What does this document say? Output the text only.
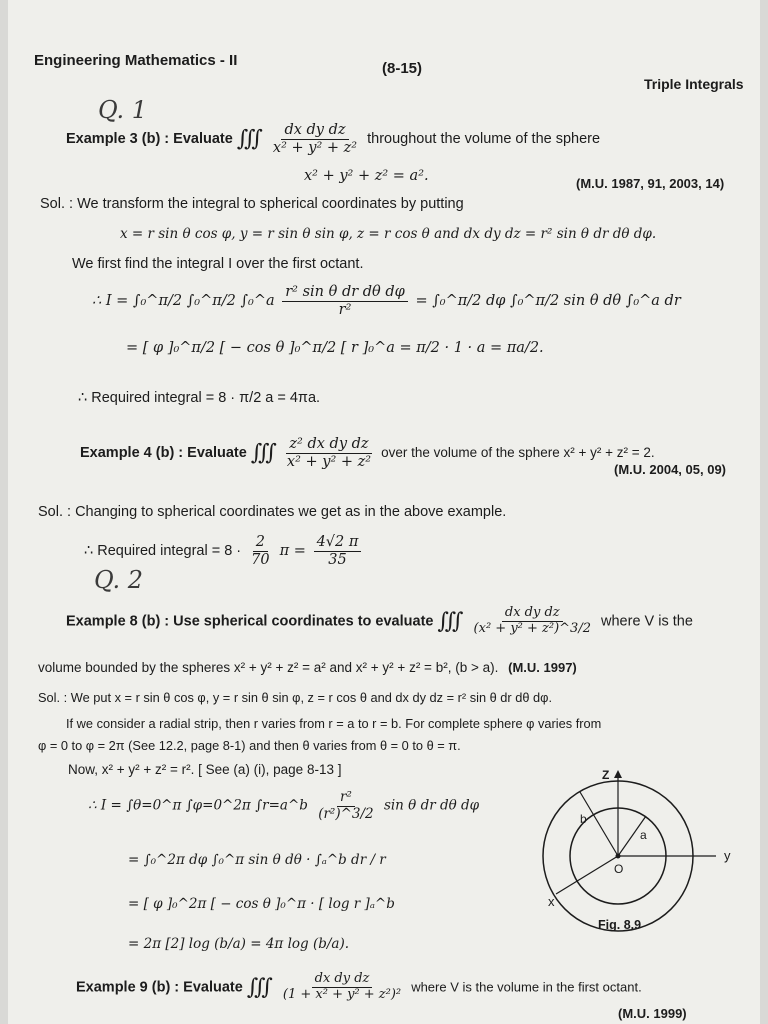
Engineering Mathematics - II	(8-15)
Triple Integrals
Q. 1
Q. 2
Example 3 (b) : Evaluate ∭ $\frac{\text{dx dy dz}}{\text{x² + y² + z²}}$ throughout the volume of the sphere
x² + y² + z² = a².	(M.U. 1987, 91, 2003, 14)
Sol. : We transform the integral to spherical coordinates by putting
x = r sin θ cos φ, y = r sin θ sin φ, z = r cos θ and dx dy dz = r² sin θ dr dθ dφ.
We first find the integral I over the first octant.
∴ I = ∫₀^π/2 ∫₀^π/2 ∫₀^a $\frac{\text{r² sin θ dr dθ dφ}}{\text{r²}}$ = ∫₀^π/2 dφ ∫₀^π/2 sin θ dθ ∫₀^a dr
= [ φ ]₀^π/2 [ − cos θ ]₀^π/2 [ r ]₀^a = π/2 · 1 · a = πa/2.
∴ Required integral = 8 · π/2 a = 4πa.
Example 4 (b) : Evaluate ∭ $\frac{\text{z² dx dy dz}}{\text{x² + y² + z²}}$ over the volume of the sphere x² + y² + z² = 2.
(M.U. 2004, 05, 09)
Sol. : Changing to spherical coordinates we get as in the above example.
∴ Required integral = $8 \cdot \frac{2}{70}$ $\pi = \frac{4√2 \pi}{35}$
Example 8 (b) : Use spherical coordinates to evaluate ∭ $\frac{\text{dx dy dz}}{\text{(x² + y² + z²)\textasciicircum{}3/2}}$ where V is the
volume bounded by the spheres x² + y² + z² = a² and x² + y² + z² = b², (b > a). (M.U. 1997)
Sol. : We put x = r sin θ cos φ, y = r sin θ sin φ, z = r cos θ and dx dy dz = r² sin θ dr dθ dφ.
If we consider a radial strip, then r varies from r = a to r = b. For complete sphere φ varies from
φ = 0 to φ = 2π (See 12.2, page 8-1) and then θ varies from θ = 0 to θ = π.
Now, x² + y² + z² = r². [ See (a) (i), page 8-13 ]
∴ I = ∫θ=0^π ∫φ=0^2π ∫r=a^b $\frac{\text{r²}}{\text{(r²)\textasciicircum{}3/2}}$ sin θ dr dθ dφ
= ∫₀^2π dφ ∫₀^π sin θ dθ · ∫ₐ^b dr / r
= [ φ ]₀^2π [ − cos θ ]₀^π · [ log r ]ₐ^b
= 2π [2] log (b/a) = 4π log (b/a).
Z
y
x
O
a
b
Fig. 8.9
Example 9 (b) : Evaluate ∭ $\frac{\text{dx dy dz}}{\text{(1 + x² + y² + z²)²}}$ where V is the volume in the first octant.
(M.U. 1999)
